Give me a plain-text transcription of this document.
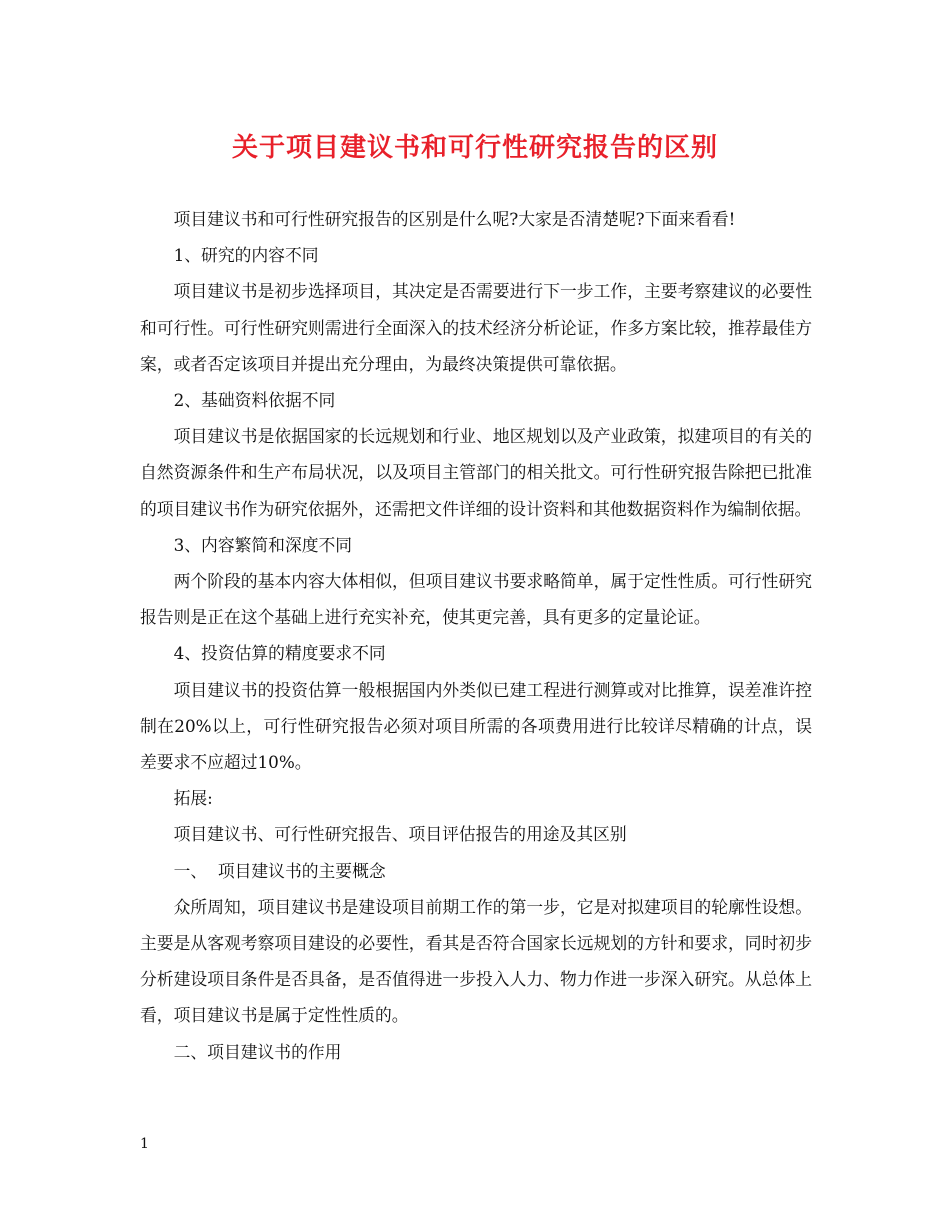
关于项目建议书和可行性研究报告的区别

项目建议书和可行性研究报告的区别是什么呢?大家是否清楚呢?下面来看看!

1、研究的内容不同

项目建议书是初步选择项目，其决定是否需要进行下一步工作，主要考察建议的必要性和可行性。可行性研究则需进行全面深入的技术经济分析论证，作多方案比较，推荐最佳方案，或者否定该项目并提出充分理由，为最终决策提供可靠依据。

2、基础资料依据不同

项目建议书是依据国家的长远规划和行业、地区规划以及产业政策，拟建项目的有关的自然资源条件和生产布局状况，以及项目主管部门的相关批文。可行性研究报告除把已批准的项目建议书作为研究依据外，还需把文件详细的设计资料和其他数据资料作为编制依据。

3、内容繁简和深度不同

两个阶段的基本内容大体相似，但项目建议书要求略简单，属于定性性质。可行性研究报告则是正在这个基础上进行充实补充，使其更完善，具有更多的定量论证。

4、投资估算的精度要求不同

项目建议书的投资估算一般根据国内外类似已建工程进行测算或对比推算，误差准许控制在20%以上，可行性研究报告必须对项目所需的各项费用进行比较详尽精确的计点，误差要求不应超过10%。

拓展:

项目建议书、可行性研究报告、项目评估报告的用途及其区别

一、  项目建议书的主要概念

众所周知，项目建议书是建设项目前期工作的第一步，它是对拟建项目的轮廓性设想。主要是从客观考察项目建设的必要性，看其是否符合国家长远规划的方针和要求，同时初步分析建设项目条件是否具备，是否值得进一步投入人力、物力作进一步深入研究。从总体上看，项目建议书是属于定性性质的。

二、项目建议书的作用

1
